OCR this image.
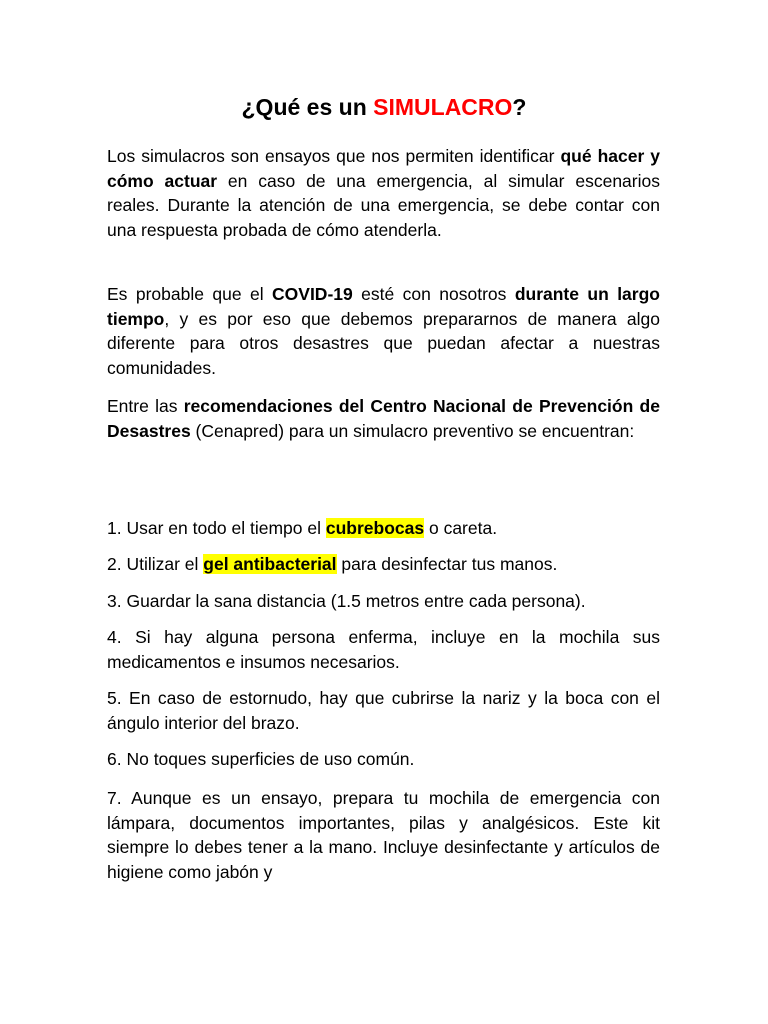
¿Qué es un SIMULACRO?

Los simulacros son ensayos que nos permiten identificar qué hacer y cómo actuar en caso de una emergencia, al simular escenarios reales. Durante la atención de una emergencia, se debe contar con una respuesta probada de cómo atenderla.

Es probable que el COVID-19 esté con nosotros durante un largo tiempo, y es por eso que debemos prepararnos de manera algo diferente para otros desastres que puedan afectar a nuestras comunidades.

Entre las recomendaciones del Centro Nacional de Prevención de Desastres (Cenapred) para un simulacro preventivo se encuentran:

1. Usar en todo el tiempo el cubrebocas o careta.

2. Utilizar el gel antibacterial para desinfectar tus manos.

3. Guardar la sana distancia (1.5 metros entre cada persona).

4. Si hay alguna persona enferma, incluye en la mochila sus medicamentos e insumos necesarios.

5. En caso de estornudo, hay que cubrirse la nariz y la boca con el ángulo interior del brazo.

6. No toques superficies de uso común.

7. Aunque es un ensayo, prepara tu mochila de emergencia con lámpara, documentos importantes, pilas y analgésicos. Este kit siempre lo debes tener a la mano. Incluye desinfectante y artículos de higiene como jabón y
